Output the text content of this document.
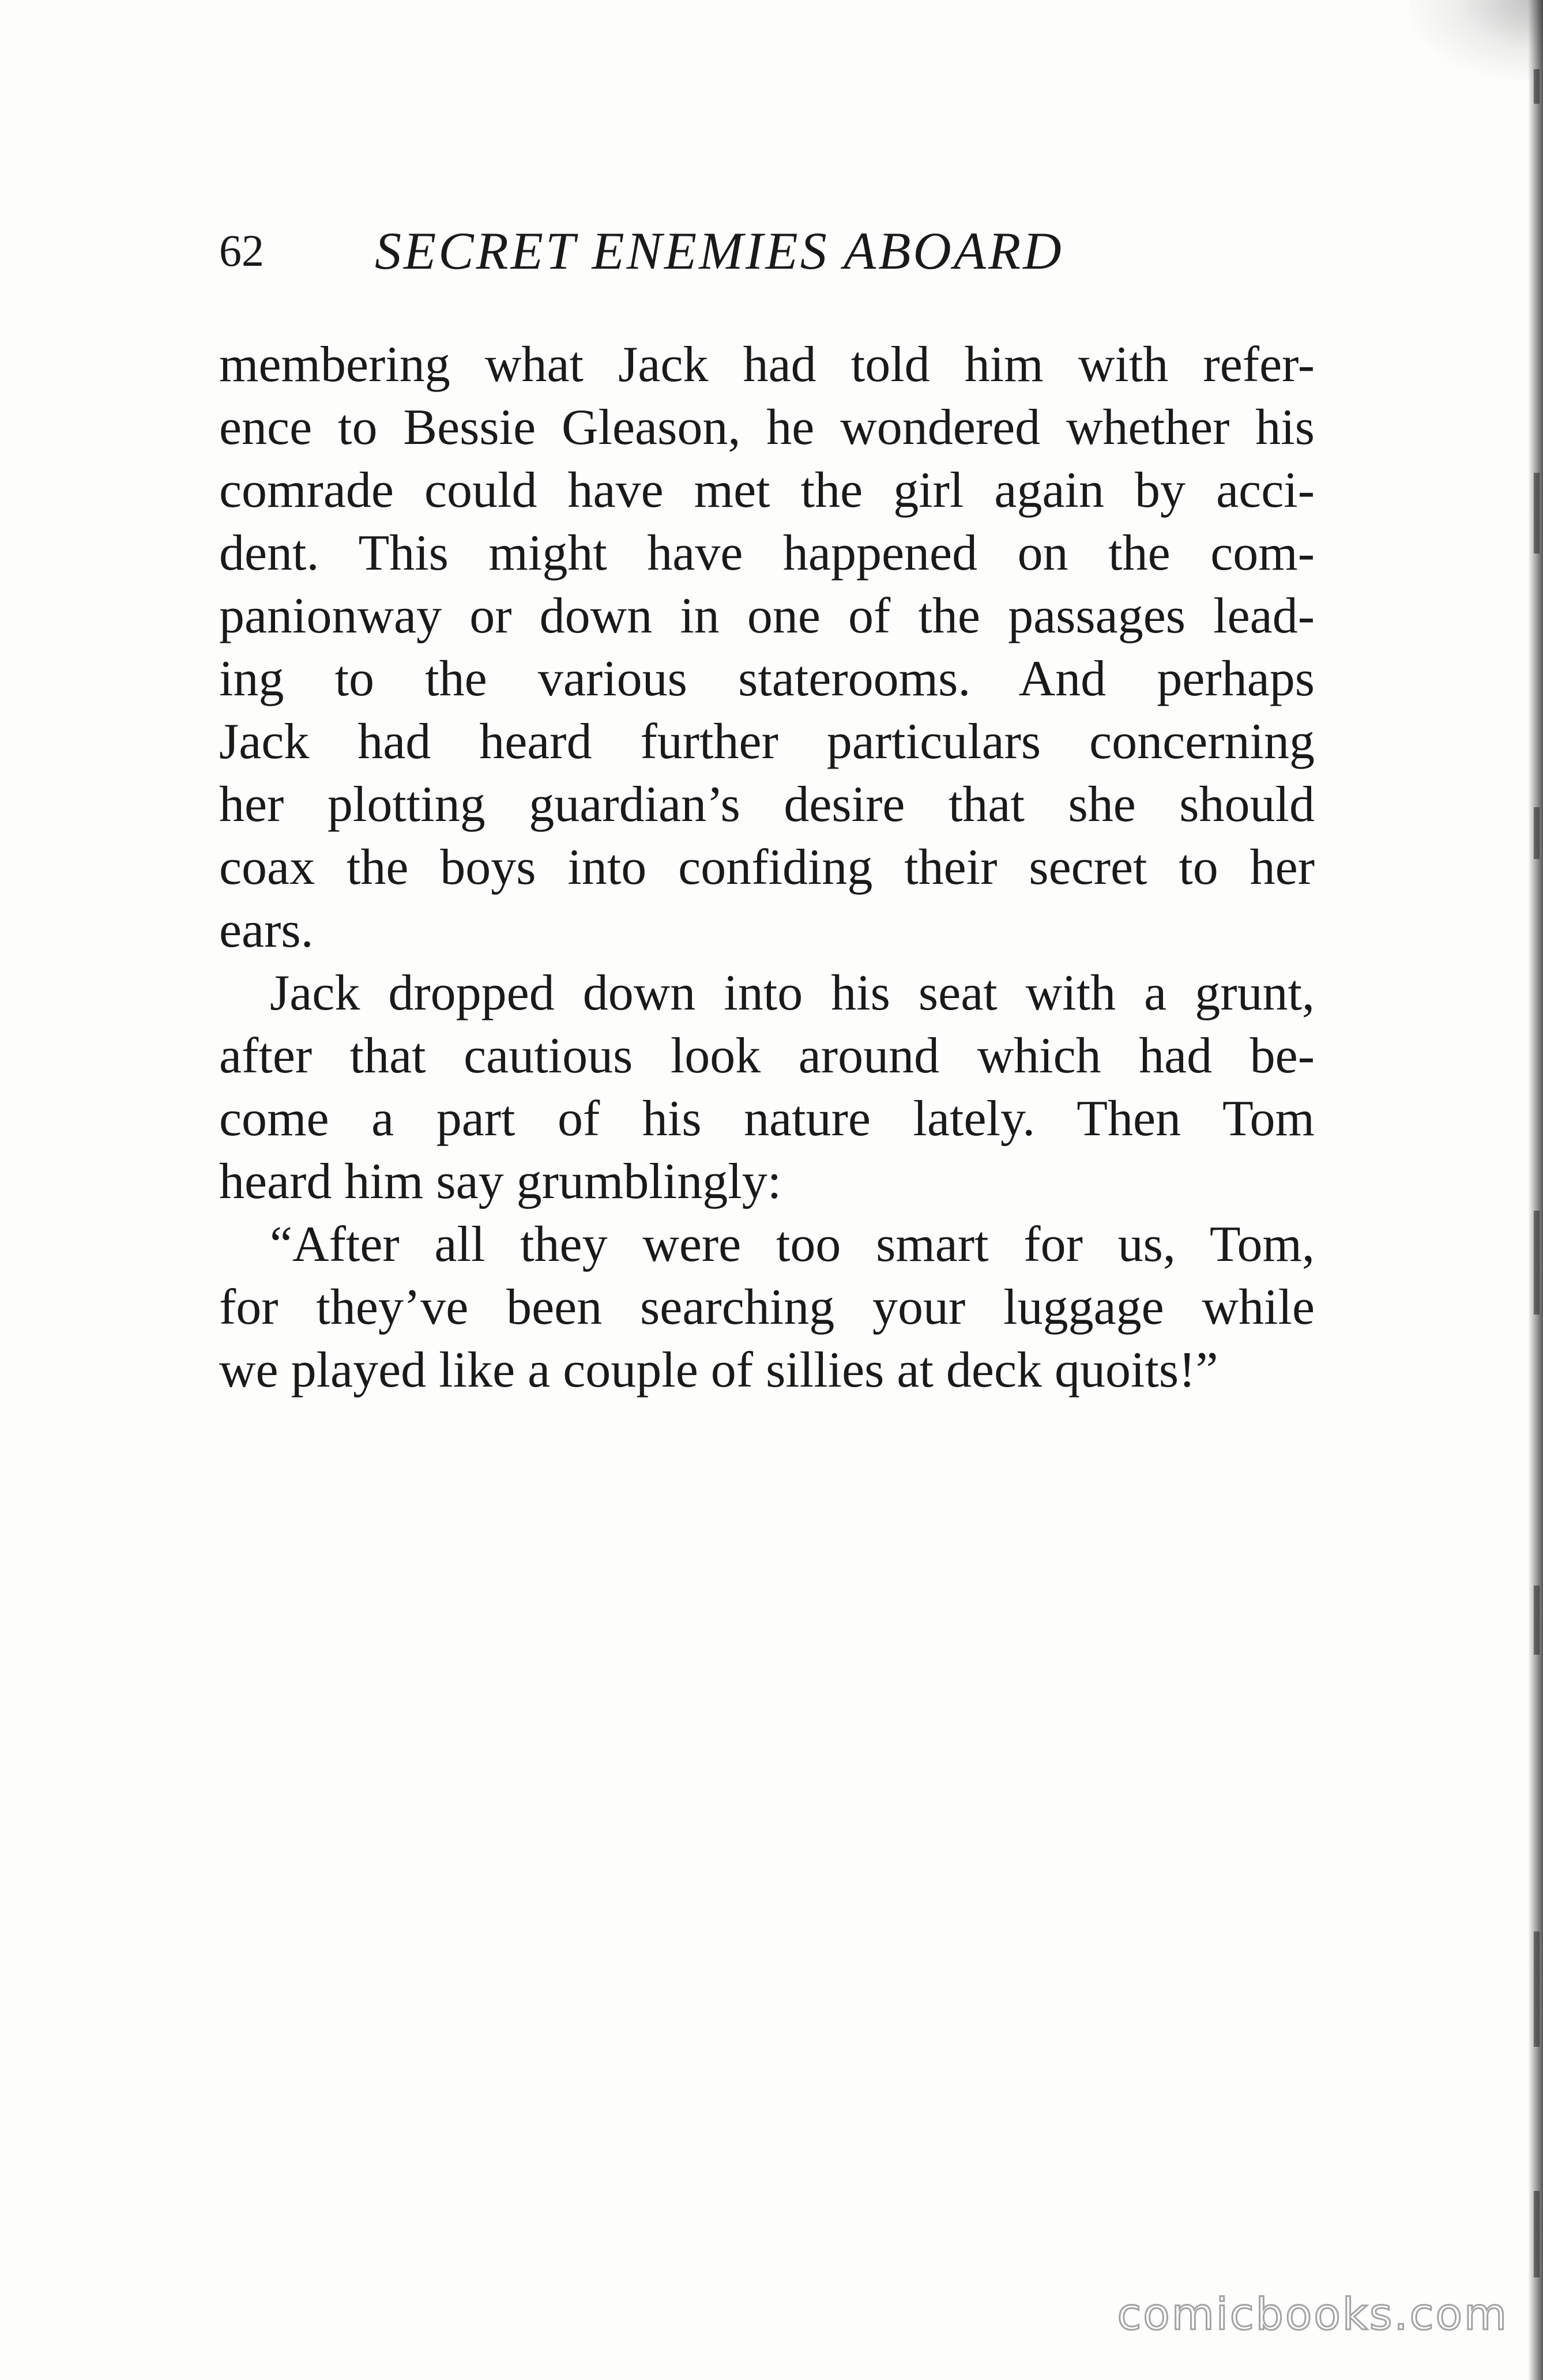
62 SECRET ENEMIES ABOARD
membering what Jack had told him with refer-
ence to Bessie Gleason, he wondered whether his
comrade could have met the girl again by acci-
dent. This might have happened on the com-
panionway or down in one of the passages lead-
ing to the various staterooms. And perhaps
Jack had heard further particulars concerning
her plotting guardian’s desire that she should
coax the boys into confiding their secret to her
ears.
Jack dropped down into his seat with a grunt,
after that cautious look around which had be-
come a part of his nature lately. Then Tom
heard him say grumblingly:
“After all they were too smart for us, Tom,
for they’ve been searching your luggage while
we played like a couple of sillies at deck quoits!”
comicbooks.com
